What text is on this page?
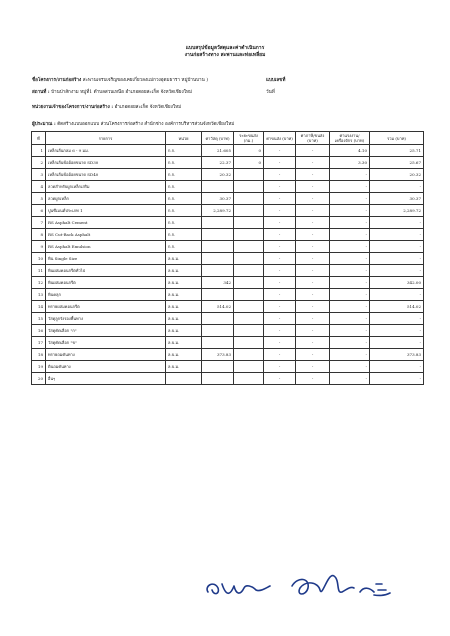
แบบสรุปข้อมูลวัสดุและค่าดำเนินการ
งานก่อสร้างทาง สะพานและท่อเหลี่ยม
ชื่อโครงการ/งานก่อสร้าง สะพานเจรบเจริญของเคยเกี่ยวลงแม่กวงอุดมธารา หมู่บ้านบาน )	แบบเลขที่
สถานที่ : บ้านป่าสักงาม หมู่ที่1 ตำบลสวนเหนือ อำเภอดอยสะเก็ด จังหวัดเชียงใหม่	วันที่
หน่วยงานเจ้าของโครงการ/งานก่อสร้าง : อำเภอดอยสะเก็ด จังหวัดเชียงใหม่
ผู้ประมาณ : ตัดสร้างแบบออกแบบ ส่วนโครงการก่อสร้าง สำนักช่าง องค์การบริหารส่วนจังหวัดเชียงใหม่
ที่	รายการ	หน่วย	ค่าวัสดุ (บาท)	ระยะขนส่ง (กม.)	ค่าขนส่ง (บาท)	ค่าภาษี/ขนส่ง (บาท)	ค่าแรงงาน/เครื่องจักร (บาท)	รวม (บาท)
1	เหล็กเส้นกลม 6 - 9 มม.	ก.ก.	21.605	0	-	-	4.10	25.71
2	เหล็กเส้นข้ออ้อยขนาด SD30	ก.ก.	22.37	0	-	-	3.30	25.67
3	เหล็กเส้นข้ออ้อยขนาด SD40	ก.ก.	20.32		-	-	-	20.32
4	ลวดสำหรับผูกเหล็กเสริม	ก.ก.			-	-	-	-
5	ลวดผูกเหล็ก	ก.ก.	30.37		-	-	-	30.37
6	ปูนซีเมนต์ประเภท 1	ก.ก.	2,289.72		-	-	-	2,289.72
7	RS Asphalt Cement	ก.ก.			-	-	-	-
8	RS Cut-Back Asphalt	ก.ก.			-	-	-	-
9	RS Asphalt Emulsion	ก.ก.			-	-	-	-
10	หิน Single Size	ล.บ.ม.			-	-	-	-
11	หินผสมคอนกรีตทั่วไป	ล.บ.ม.			-	-	-	-
12	หินผสมคอนกรีต	ล.บ.ม.	342		-	-	-	342.00
13	หินคลุก	ล.บ.ม.			-	-	-	-
14	ทรายผสมคอนกรีต	ล.บ.ม.	514.02		-	-	-	514.02
15	วัสดุลูกรังรองพื้นทาง	ล.บ.ม.			-	-	-	-
16	วัสดุคัดเลือก "ก"	ล.บ.ม.			-	-	-	-
17	วัสดุคัดเลือก "ข"	ล.บ.ม.			-	-	-	-
18	ทรายถมคันทาง	ล.บ.ม.	373.83		-	-	-	373.83
19	ดินถมคันทาง	ล.บ.ม.			-	-	-	-
20	อื่นๆ				-	-	-	-
